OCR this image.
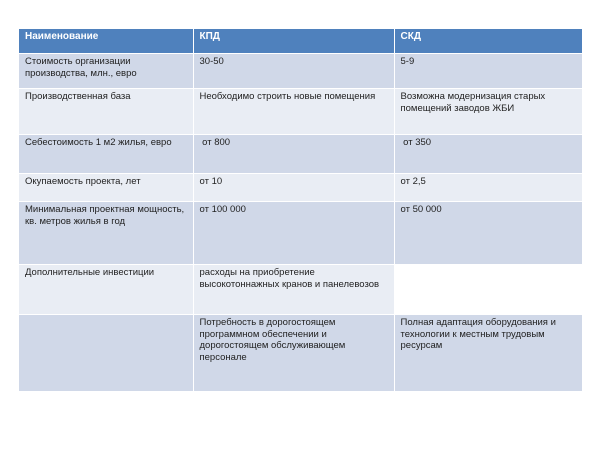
Наименование	КПД	СКД
Стоимость организации производства, млн., евро	30-50	5-9
Производственная база	Необходимо строить новые помещения	Возможна модернизация старых помещений заводов ЖБИ
Себестоимость 1 м2 жилья, евро	от 800	от 350
Окупаемость проекта, лет	от 10	от 2,5
Минимальная проектная мощность, кв. метров жилья в год	от 100 000	от 50 000
Дополнительные инвестиции	расходы на приобретение высокотоннажных кранов и панелевозов	
	Потребность в дорогостоящем программном обеспечении и дорогостоящем обслуживающем персонале	Полная адаптация оборудования и технологии к местным трудовым ресурсам
